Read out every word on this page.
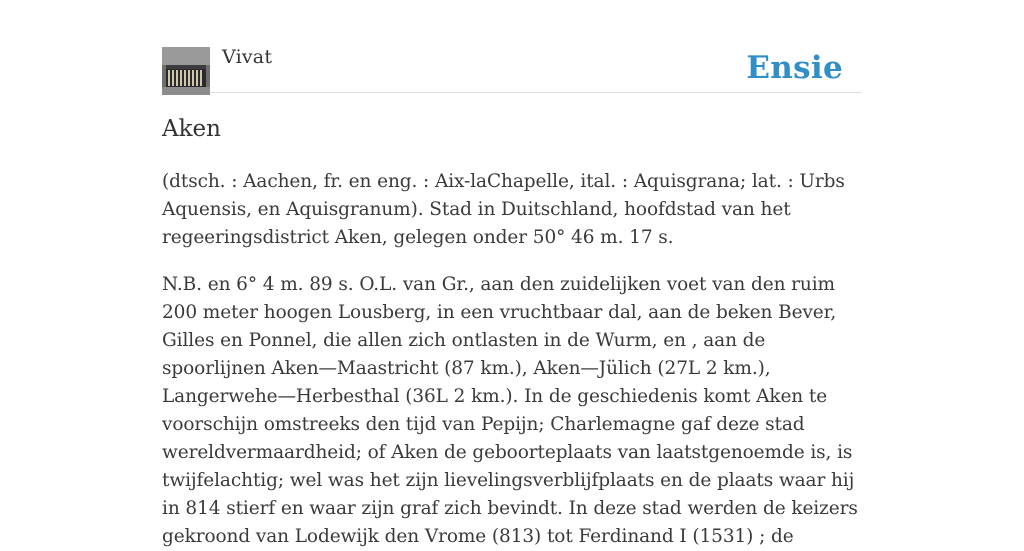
Vivat	Ensie
Aken

(dtsch. : Aachen, fr. en eng. : Aix-laChapelle, ital. : Aquisgrana; lat. : Urbs Aquensis, en Aquisgranum). Stad in Duitschland, hoofdstad van het regeeringsdistrict Aken, gelegen onder 50° 46 m. 17 s.

N.B. en 6° 4 m. 89 s. O.L. van Gr., aan den zuidelijken voet van den ruim 200 meter hoogen Lousberg, in een vruchtbaar dal, aan de beken Bever, Gilles en Ponnel, die allen zich ontlasten in de Wurm, en , aan de spoorlijnen Aken—Maastricht (87 km.), Aken—Jülich (27L 2 km.), Langerwehe—Herbesthal (36L 2 km.). In de geschiedenis komt Aken te voorschijn omstreeks den tijd van Pepijn; Charlemagne gaf deze stad wereldvermaardheid; of Aken de geboorteplaats van laatstgenoemde is, is twijfelachtig; wel was het zijn lievelingsverblijfplaats en de plaats waar hij in 814 stierf en waar zijn graf zich bevindt. In deze stad werden de keizers gekroond van Lodewijk den Vrome (813) tot Ferdinand I (1531) ; de
